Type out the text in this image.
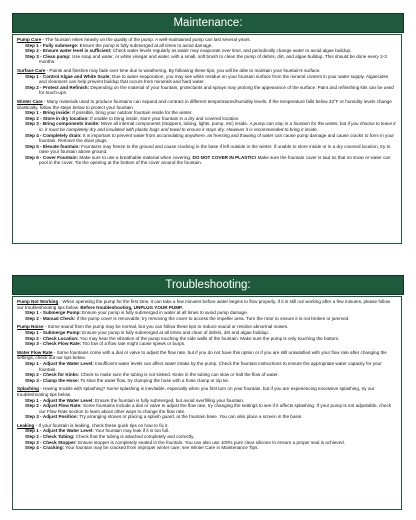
Maintenance:

Pump Care - The fountain relies heavily on the quality of the pump. A well-maintained pump can last several years.

Step 1 - Fully submerge: Ensure the pump is fully submerged at all times to avoid damage.

Step 2 - Ensure water level is sufficient: Check water levels regularly as water may evaporate over time, and periodically change water to avoid algae buildup.

Step 3 - Clean pump: Use soap and water, or white vinegar and water, with a small, soft brush to clean the pump of debris, dirt, and algae buildup. This should be done every 2-3 months.

Surface Care - Paints and finishes may fade over time due to weathering. By following these tips, you will be able to maintain your fountain's surface.

Step 1 - Control Algae and White Scale: Due to water evaporation, you may see white residue on your fountain surface from the mineral content in your water supply. Algaecides and cleansers can help prevent buildup that occurs from minerals and hard water.

Step 2 - Protect and Refinish: Depending on the material of your fountain, protectants and sprays may prolong the appearance of the surface. Paint and refinishing kits can be used for touch-ups.

Winter Care - Many materials used to produce fountains can expand and contract in different temperatures/humidity levels. If the temperature falls below 32°F or humidity levels change drastically, follow the steps below to protect your fountain.

Step 1 - Bring inside: If possible, bring your outdoor fountain inside for the winter.

Step 2 - Store in dry location: If unable to bring inside, store your fountain in a dry and covered location.

Step 3 - Bring components inside: Move all internal components (stoppers, tubing, lights, pump, etc) inside. A pump can stay in a fountain for the winter, but if you choose to leave it in, it must be completely dry and insulated with plastic bags and towel to ensure it stays dry. However it is recommended to bring it inside.

Step 4 - Completely drain: It is important to prevent water from accumulating anywhere, as freezing and thawing of water can cause pump damage and cause cracks to form in your fountain. Remove the drain plugs.

Step 5 - Elevate fountain: Fountains may freeze to the ground and cause cracking in the base if left outside in the winter. If unable to store inside or in a dry covered location, try to raise your fountain above ground.

Step 6 - Cover Fountain: Make sure to use a breathable material when covering. DO NOT COVER IN PLASTIC! Make sure the fountain cover is taut so that no snow or water can pool in the cover. Tie the opening at the bottom of the cover around the fountain.

Troubleshooting:

Pump Not Working - When operating the pump for the first time, it can take a few minutes before water begins to flow properly. If it is still not working after a few minutes, please follow our troubleshooting tips below. Before troubleshooting, UNPLUG YOUR PUMP.

Step 1 - Submerge Pump: Ensure your pump is fully submerged in water at all times to avoid pump damage.

Step 2 - Manual Check: If the pump cover is removable, try removing the cover to access the impeller area. Turn the rotor to ensure it is not broken or jammed.

Pump Noise - Some sound from the pump may be normal, but you can follow these tips to reduce sound or resolve abnormal noises.

Step 1 - Submerge Pump: Ensure your pump is fully submerged at all times and clean of debris, dirt and algae buildup.

Step 2 - Check Location: You may hear the vibration of the pump touching the side walls of the fountain. Make sure the pump is only touching the bottom.

Step 3 - Check Flow Rate: Too low of a flow rate might cause spews or burps.

Water Flow Rate - Some fountains come with a dial or valve to adjust the flow rate, but if you do not have this option or if you are still unsatisfied with your flow rate after changing the settings, check out our tips below.

Step 1 - Adjust the Water Level: Insufficient water levels can affect water intake by the pump. Check the fountain instructions to ensure the appropriate water capacity for your fountain.

Step 2 - Check for Kinks: Check to make sure the tubing is not kinked. Kinks in the tubing can slow or halt the flow of water.

Step 3 - Clamp the Hose: To slow the water flow, try clamping the hose with a hose clamp or zip tie.

Splashing - Having trouble with splashing? Some splashing is inevitable, especially when you first turn on your fountain, but if you are experiencing excessive splashing, try our troubleshooting tips below.

Step 1 - Adjust the Water Level: Ensure the fountain is fully submerged, but avoid overfilling your fountain.

Step 2 - Adjust Flow Rate: Some fountains include a dial or valve to adjust the flow rate, try changing the settings to see if it affects splashing. If your pump is not adjustable, check our Flow Rate section to learn about other ways to change the flow rate.

Step 3 - Adjust Position: Try arranging stones or placing a splash guard, at the fountain base. You can also place a screen in the basin.

Leaking - If your fountain is leaking, check these quick tips on how to fix it.

Step 1 - Adjust the Water Level: Your fountain may leak if it is too full.

Step 2 - Check Tubing: Check that the tubing is attached completely and correctly.

Step 3 - Check Stopper: Ensure stopper is completely seated in the fountain. You can also use 100% pure clear silicone to ensure a proper seal is achieved.

Step 4 - Cracking: Your fountain may be cracked from improper winter care; see Winter Care in Maintenance Tips.
